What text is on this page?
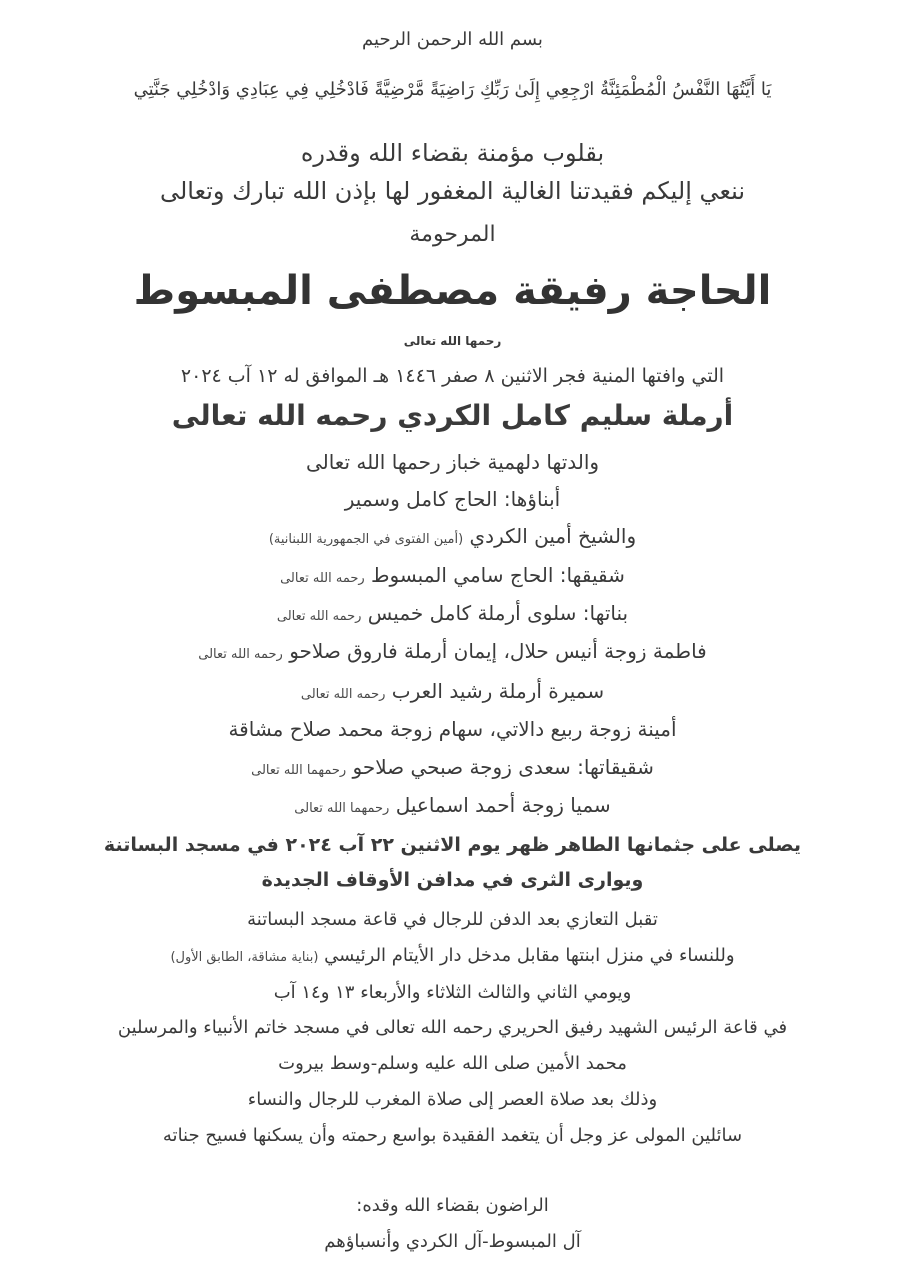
بسم الله الرحمن الرحيم
يَا أَيَّتُهَا النَّفْسُ الْمُطْمَئِنَّةُ ارْجِعِي إِلَىٰ رَبِّكِ رَاضِيَةً مَّرْضِيَّةً فَادْخُلِي فِي عِبَادِي وَادْخُلِي جَنَّتِي
بقلوب مؤمنة بقضاء الله وقدره
ننعي إليكم فقيدتنا الغالية المغفور لها بإذن الله تبارك وتعالى
المرحومة
الحاجة رفيقة مصطفى المبسوط
رحمها الله تعالى
التي وافتها المنية فجر الاثنين ٨ صفر ١٤٤٦ هـ الموافق له ١٢ آب ٢٠٢٤
أرملة سليم كامل الكردي رحمه الله تعالى
والدتها دلهمية خباز رحمها الله تعالى
أبناؤها: الحاج كامل وسمير
والشيخ أمين الكردي (أمين الفتوى في الجمهورية اللبنانية)
شقيقها: الحاج سامي المبسوط رحمه الله تعالى
بناتها: سلوى أرملة كامل خميس رحمه الله تعالى
فاطمة زوجة أنيس حلال، إيمان أرملة فاروق صلاحو رحمه الله تعالى
سميرة أرملة رشيد العرب رحمه الله تعالى
أمينة زوجة ربيع دالاتي، سهام زوجة محمد صلاح مشاقة
شقيقاتها: سعدى زوجة صبحي صلاحو رحمهما الله تعالى
سميا زوجة أحمد اسماعيل رحمهما الله تعالى
يصلى على جثمانها الطاهر ظهر يوم الاثنين ٢٢ آب ٢٠٢٤ في مسجد البساتنة
ويوارى الثرى في مدافن الأوقاف الجديدة
تقبل التعازي بعد الدفن للرجال في قاعة مسجد البساتنة
وللنساء في منزل ابنتها مقابل مدخل دار الأيتام الرئيسي (بناية مشاقة، الطابق الأول)
ويومي الثاني والثالث الثلاثاء والأربعاء ١٣ و١٤ آب
في قاعة الرئيس الشهيد رفيق الحريري رحمه الله تعالى في مسجد خاتم الأنبياء والمرسلين
محمد الأمين صلى الله عليه وسلم-وسط بيروت
وذلك بعد صلاة العصر إلى صلاة المغرب للرجال والنساء
سائلين المولى عز وجل أن يتغمد الفقيدة بواسع رحمته وأن يسكنها فسيح جناته
الراضون بقضاء الله وقده:
آل المبسوط-آل الكردي وأنسباؤهم
